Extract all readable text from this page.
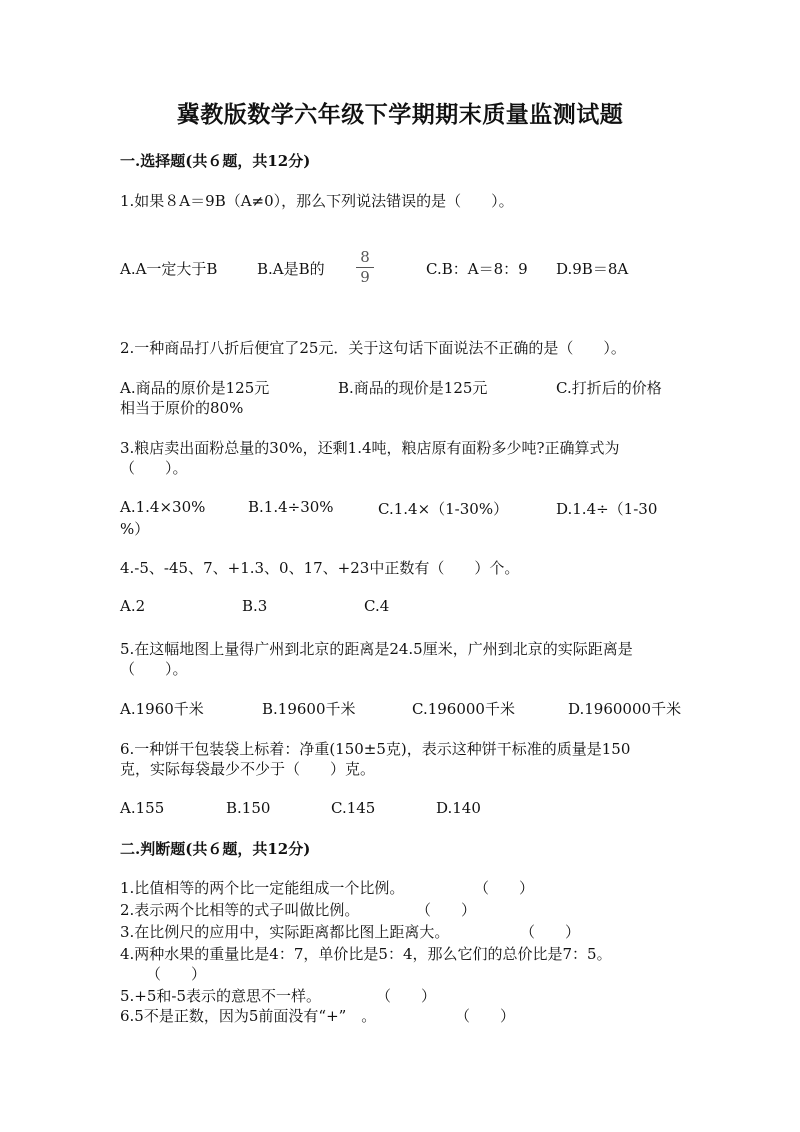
冀教版数学六年级下学期期末质量监测试题
一.选择题(共６题，共12分)
1.如果８A＝9B（A≠0），那么下列说法错误的是（　　）。
A.A一定大于B	B.A是B的
8
9	C.B：A＝8：9 D.9B＝8A
2.一种商品打八折后便宜了25元．关于这句话下面说法不正确的是（　　）。
A.商品的原价是125元	B.商品的现价是125元	C.打折后的价格
相当于原价的80%
3.粮店卖出面粉总量的30%，还剩1.4吨，粮店原有面粉多少吨?正确算式为
（　　）。
A.1.4×30%	B.1.4÷30%	C.1.4×（1-30%）	D.1.4÷（1-30
%）
4.-5、-45、7、+1.3、0、17、+23中正数有（　　）个。
A.2	B.3	C.4
5.在这幅地图上量得广州到北京的距离是24.5厘米，广州到北京的实际距离是
（　　）。
A.1960千米	B.19600千米	C.196000千米	D.1960000千米
6.一种饼干包装袋上标着：净重(150±5克)，表示这种饼干标准的质量是150
克，实际每袋最少不少于（　　）克。
A.155	B.150	C.145	D.140
二.判断题(共６题，共12分)
1.比值相等的两个比一定能组成一个比例。	（　　）
2.表示两个比相等的式子叫做比例。	（　　）
3.在比例尺的应用中，实际距离都比图上距离大。	（　　）
4.两种水果的重量比是4：7，单价比是5：4，那么它们的总价比是7：5。
（　　）
5.+5和-5表示的意思不一样。	（　　）
6.5不是正数，因为5前面没有“+”　。	（　　）
